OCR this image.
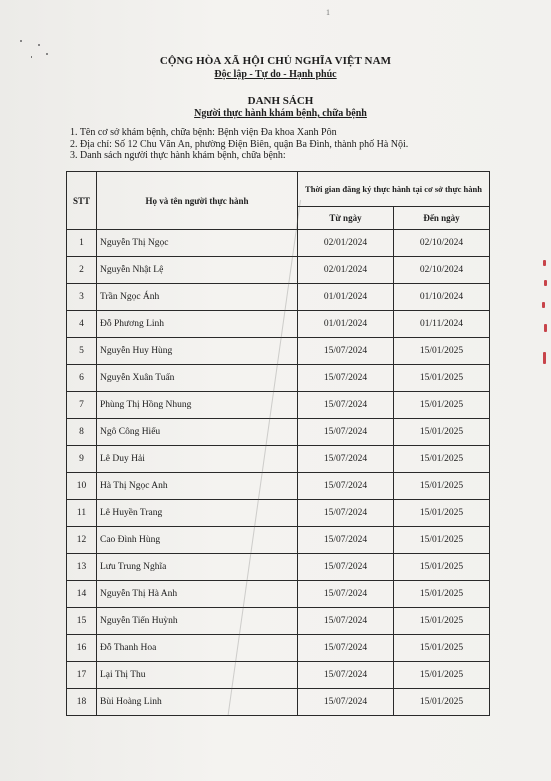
1
CỘNG HÒA XÃ HỘI CHỦ NGHĨA VIỆT NAM
Độc lập - Tự do - Hạnh phúc
DANH SÁCH
Người thực hành khám bệnh, chữa bệnh
1. Tên cơ sở khám bệnh, chữa bệnh: Bệnh viện Đa khoa Xanh Pôn
2. Địa chỉ: Số 12 Chu Văn An, phường Điện Biên, quận Ba Đình, thành phố Hà Nội.
3. Danh sách người thực hành khám bệnh, chữa bệnh:
STT	Họ và tên người thực hành	Thời gian đăng ký thực hành tại cơ sở thực hành	
		Từ ngày	Đến ngày
1	Nguyễn Thị Ngọc	02/01/2024	02/10/2024
2	Nguyễn Nhật Lệ	02/01/2024	02/10/2024
3	Trần Ngọc Ánh	01/01/2024	01/10/2024
4	Đỗ Phương Linh	01/01/2024	01/11/2024
5	Nguyễn Huy Hùng	15/07/2024	15/01/2025
6	Nguyễn Xuân Tuấn	15/07/2024	15/01/2025
7	Phùng Thị Hồng Nhung	15/07/2024	15/01/2025
8	Ngô Công Hiếu	15/07/2024	15/01/2025
9	Lê Duy Hải	15/07/2024	15/01/2025
10	Hà Thị Ngọc Anh	15/07/2024	15/01/2025
11	Lê Huyền Trang	15/07/2024	15/01/2025
12	Cao Đình Hùng	15/07/2024	15/01/2025
13	Lưu Trung Nghĩa	15/07/2024	15/01/2025
14	Nguyễn Thị Hà Anh	15/07/2024	15/01/2025
15	Nguyễn Tiến Huỳnh	15/07/2024	15/01/2025
16	Đỗ Thanh Hoa	15/07/2024	15/01/2025
17	Lại Thị Thu	15/07/2024	15/01/2025
18	Bùi Hoàng Linh	15/07/2024	15/01/2025
